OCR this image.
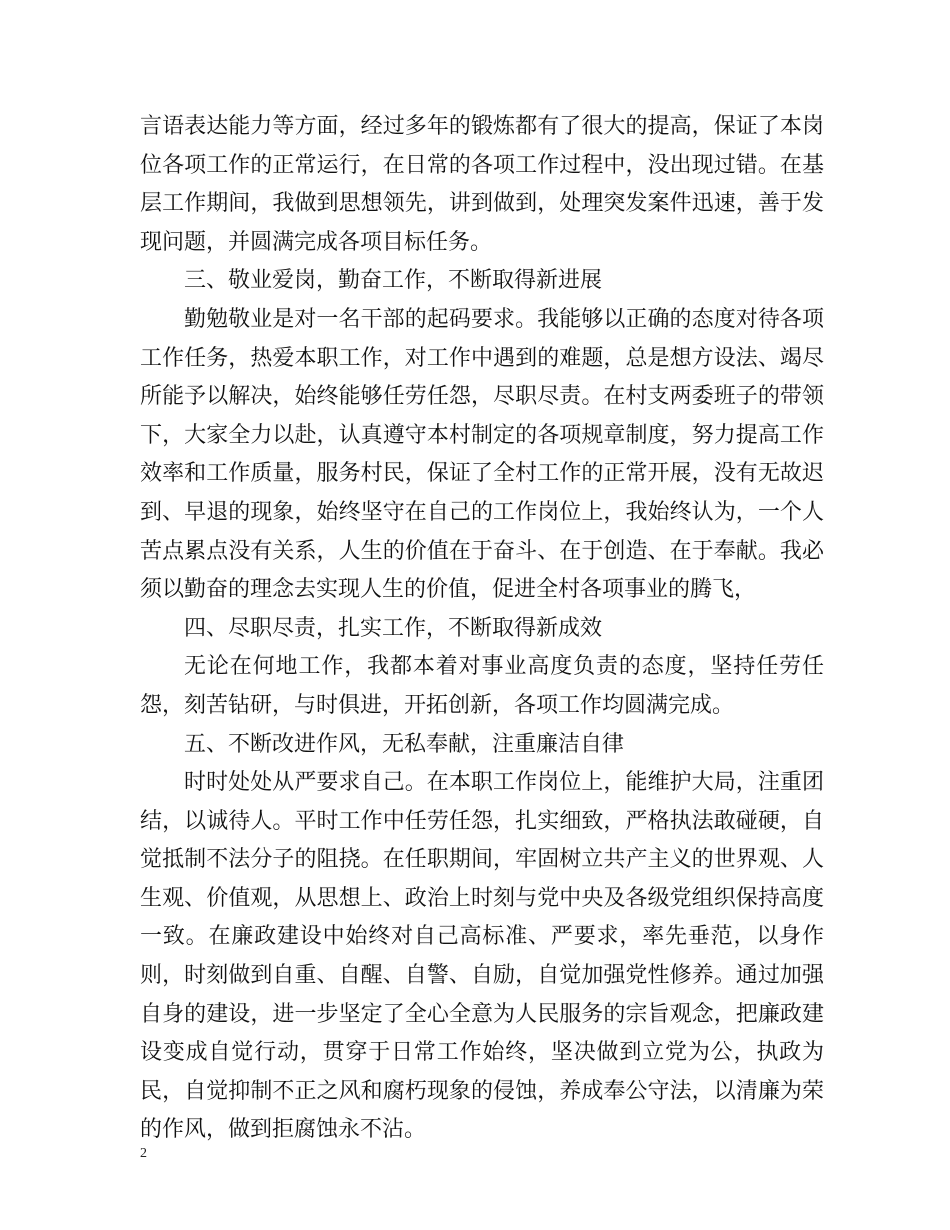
言语表达能力等方面，经过多年的锻炼都有了很大的提高，保证了本岗位各项工作的正常运行，在日常的各项工作过程中，没出现过错。在基层工作期间，我做到思想领先，讲到做到，处理突发案件迅速，善于发现问题，并圆满完成各项目标任务。

三、敬业爱岗，勤奋工作，不断取得新进展

勤勉敬业是对一名干部的起码要求。我能够以正确的态度对待各项工作任务，热爱本职工作，对工作中遇到的难题，总是想方设法、竭尽所能予以解决，始终能够任劳任怨，尽职尽责。在村支两委班子的带领下，大家全力以赴，认真遵守本村制定的各项规章制度，努力提高工作效率和工作质量，服务村民，保证了全村工作的正常开展，没有无故迟到、早退的现象，始终坚守在自己的工作岗位上，我始终认为，一个人苦点累点没有关系，人生的价值在于奋斗、在于创造、在于奉献。我必须以勤奋的理念去实现人生的价值，促进全村各项事业的腾飞，

四、尽职尽责，扎实工作，不断取得新成效

无论在何地工作，我都本着对事业高度负责的态度，坚持任劳任怨，刻苦钻研，与时俱进，开拓创新，各项工作均圆满完成。

五、不断改进作风，无私奉献，注重廉洁自律

时时处处从严要求自己。在本职工作岗位上，能维护大局，注重团结，以诚待人。平时工作中任劳任怨，扎实细致，严格执法敢碰硬，自觉抵制不法分子的阻挠。在任职期间，牢固树立共产主义的世界观、人生观、价值观，从思想上、政治上时刻与党中央及各级党组织保持高度一致。在廉政建设中始终对自己高标准、严要求，率先垂范，以身作则，时刻做到自重、自醒、自警、自励，自觉加强党性修养。通过加强自身的建设，进一步坚定了全心全意为人民服务的宗旨观念，把廉政建设变成自觉行动，贯穿于日常工作始终，坚决做到立党为公，执政为民，自觉抑制不正之风和腐朽现象的侵蚀，养成奉公守法，以清廉为荣的作风，做到拒腐蚀永不沾。

2
